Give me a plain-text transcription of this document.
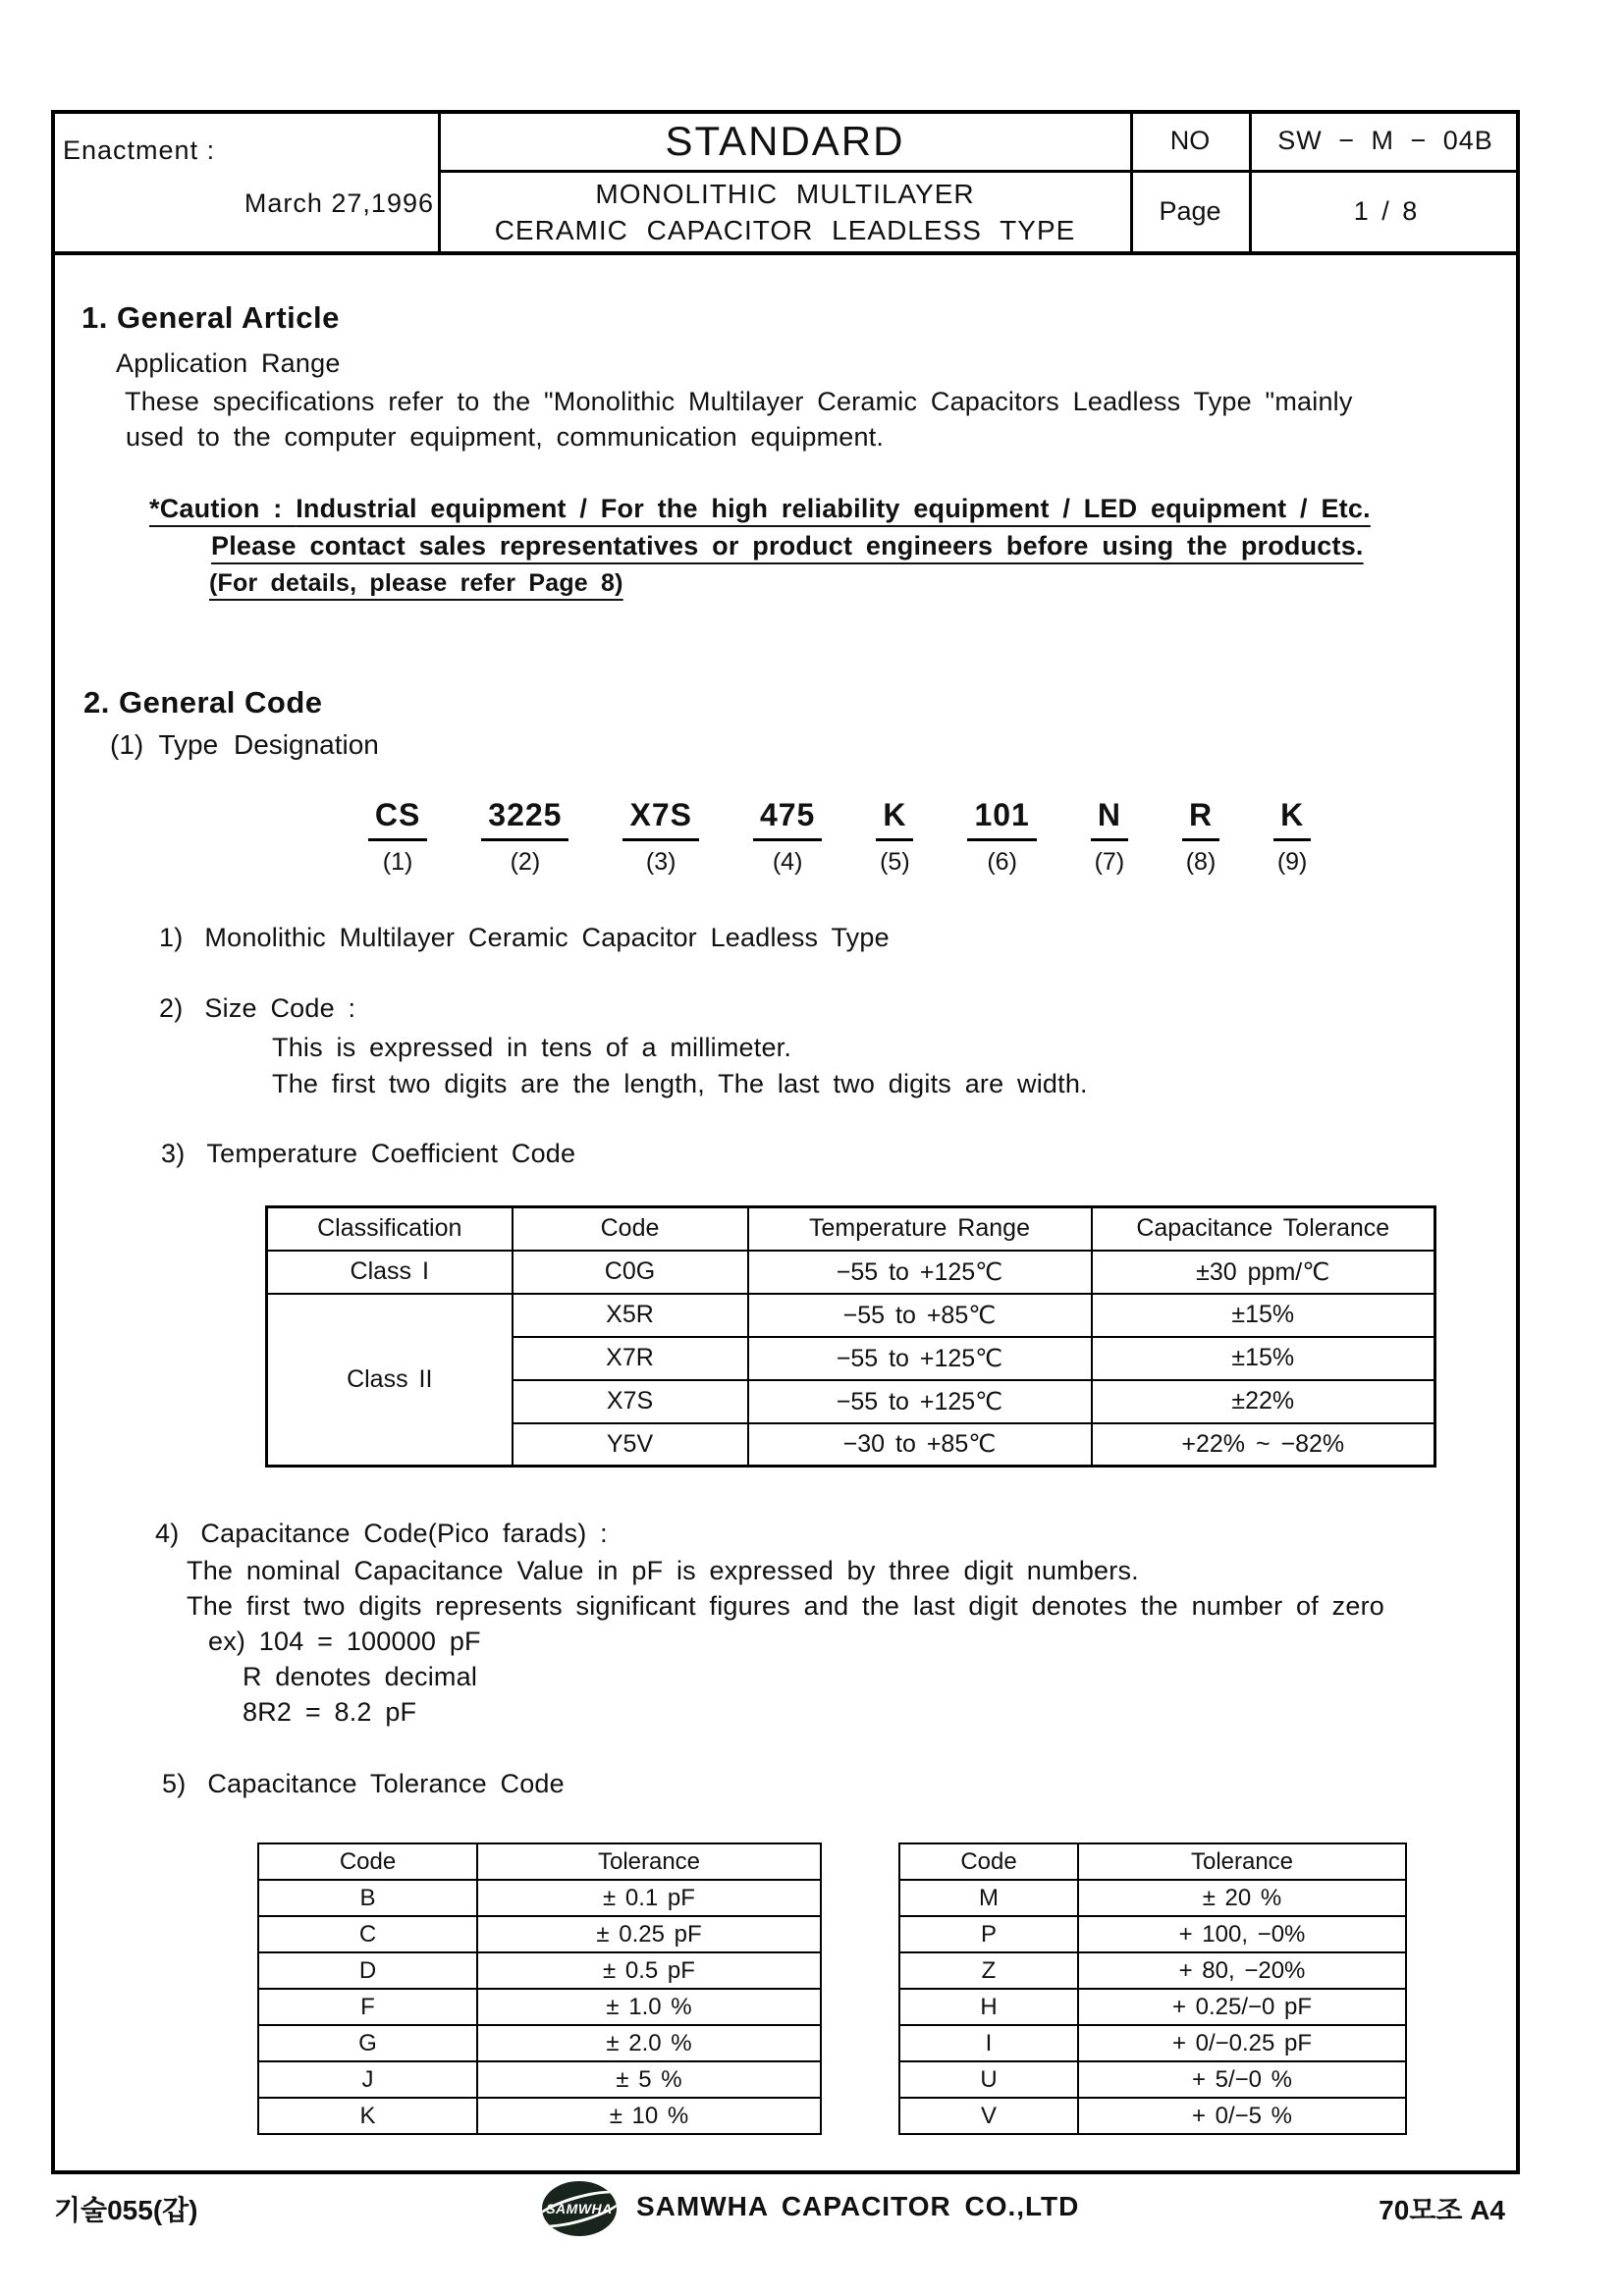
Enactment :
March 27,1996
STANDARD
MONOLITHIC MULTILAYER
CERAMIC CAPACITOR LEADLESS TYPE
NO	SW − M − 04B
Page	1 / 8
1. General Article
Application Range
These specifications refer to the "Monolithic Multilayer Ceramic Capacitors Leadless Type "mainly
used to the computer equipment, communication equipment.
*Caution : Industrial equipment / For the high reliability equipment / LED equipment / Etc.
Please contact sales representatives or product engineers before using the products.
(For details, please refer Page 8)
2. General Code
(1) Type Designation
CS
(1)
3225
(2)
X7S
(3)
475
(4)
K
(5)
101
(6)
N
(7)
R
(8)
K
(9)
1) Monolithic Multilayer Ceramic Capacitor Leadless Type
2) Size Code :
This is expressed in tens of a millimeter.
The first two digits are the length, The last two digits are width.
3) Temperature Coefficient Code
Classification	Code	Temperature Range	Capacitance Tolerance
Class I	C0G	−55 to +125℃	±30 ppm/℃
Class II	X5R	−55 to +85℃	±15%
	X7R	−55 to +125℃	±15%
	X7S	−55 to +125℃	±22%
	Y5V	−30 to +85℃	+22% ~ −82%
4) Capacitance Code(Pico farads) :
The nominal Capacitance Value in pF is expressed by three digit numbers.
The first two digits represents significant figures and the last digit denotes the number of zero
ex) 104 = 100000 pF
R denotes decimal
8R2 = 8.2 pF
5) Capacitance Tolerance Code
Code	Tolerance
B	± 0.1 pF
C	± 0.25 pF
D	± 0.5 pF
F	± 1.0 %
G	± 2.0 %
J	± 5 %
K	± 10 %
Code	Tolerance
M	± 20 %
P	+ 100, −0%
Z	+ 80, −20%
H	+ 0.25/−0 pF
I	+ 0/−0.25 pF
U	+ 5/−0 %
V	+ 0/−5 %
기술055(갑)	SAMWHA SAMWHA CAPACITOR CO.,LTD	70모조 A4
